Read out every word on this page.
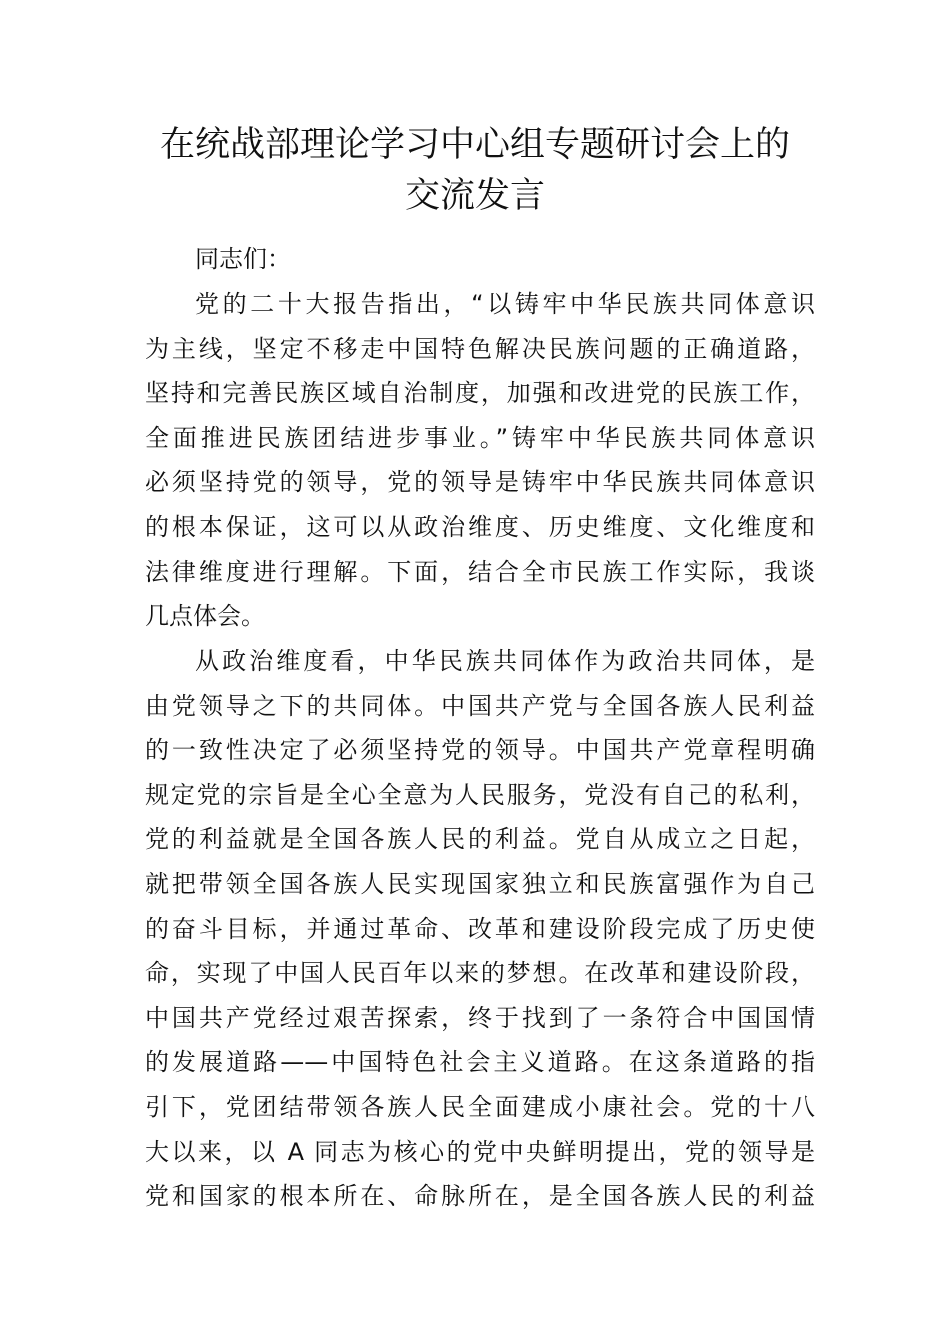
在统战部理论学习中心组专题研讨会上的
交流发言
同志们：
党的二十大报告指出，“以铸牢中华民族共同体意识
为主线，坚定不移走中国特色解决民族问题的正确道路，
坚持和完善民族区域自治制度，加强和改进党的民族工作，
全面推进民族团结进步事业。”铸牢中华民族共同体意识
必须坚持党的领导，党的领导是铸牢中华民族共同体意识
的根本保证，这可以从政治维度、历史维度、文化维度和
法律维度进行理解。下面，结合全市民族工作实际，我谈
几点体会。
从政治维度看，中华民族共同体作为政治共同体，是
由党领导之下的共同体。中国共产党与全国各族人民利益
的一致性决定了必须坚持党的领导。中国共产党章程明确
规定党的宗旨是全心全意为人民服务，党没有自己的私利，
党的利益就是全国各族人民的利益。党自从成立之日起，
就把带领全国各族人民实现国家独立和民族富强作为自己
的奋斗目标，并通过革命、改革和建设阶段完成了历史使
命，实现了中国人民百年以来的梦想。在改革和建设阶段，
中国共产党经过艰苦探索，终于找到了一条符合中国国情
的发展道路——中国特色社会主义道路。在这条道路的指
引下，党团结带领各族人民全面建成小康社会。党的十八
大以来，以 A 同志为核心的党中央鲜明提出，党的领导是
党和国家的根本所在、命脉所在，是全国各族人民的利益
